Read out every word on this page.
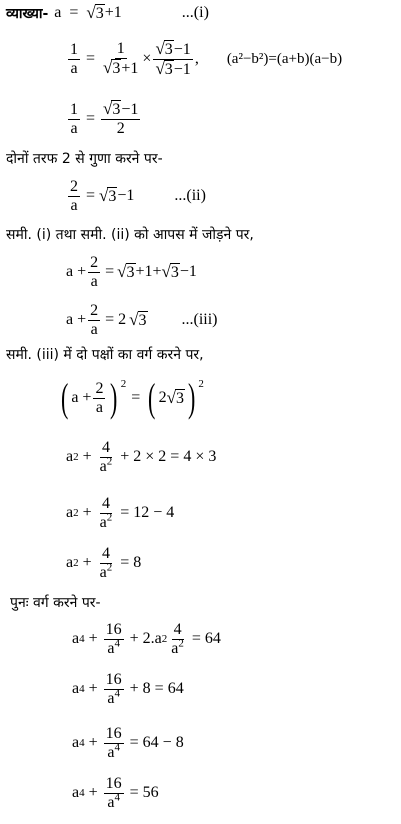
व्याख्या- a = √ 3 +1	...(i)
$\frac{1}{a} = \frac{1}{√ 3 +1} \times \frac{√ 3 -1}{√ 3 -1}$ , (a²−b²)=(a+b)(a−b)
$\frac{1}{a} = \frac{√ 3 -1}{2}$
दोनों तरफ 2 से गुणा करने पर-
$\frac{2}{a}$ = √ 3 −1	...(ii)
समी. (i) तथा समी. (ii) को आपस में जोड़ने पर,
$a + \frac{2}{a}$ = √ 3 +1+ √ 3 −1
$a + \frac{2}{a} = 2$ √ 3 ...(iii)
समी. (iii) में दो पक्षों का वर्ग करने पर,
( $a + \frac{2}{a}$ ) $^2$
= ( 2 √ 3 ) $^2$
a $2 + \frac{4}{a^2} + 2 \times 2 = 4 \times 3$
a $2 + \frac{4}{a^2} = 12 - 4$
a $2 + \frac{4}{a^2} = 8$
पुनः वर्ग करने पर-
a $4 + \frac{16}{a^4} + 2.a$ $2 \frac{4}{a^2} = 64$
a $4 + \frac{16}{a^4} + 8 = 64$
a $4 + \frac{16}{a^4} = 64 - 8$
a $4 + \frac{16}{a^4} = 56$
